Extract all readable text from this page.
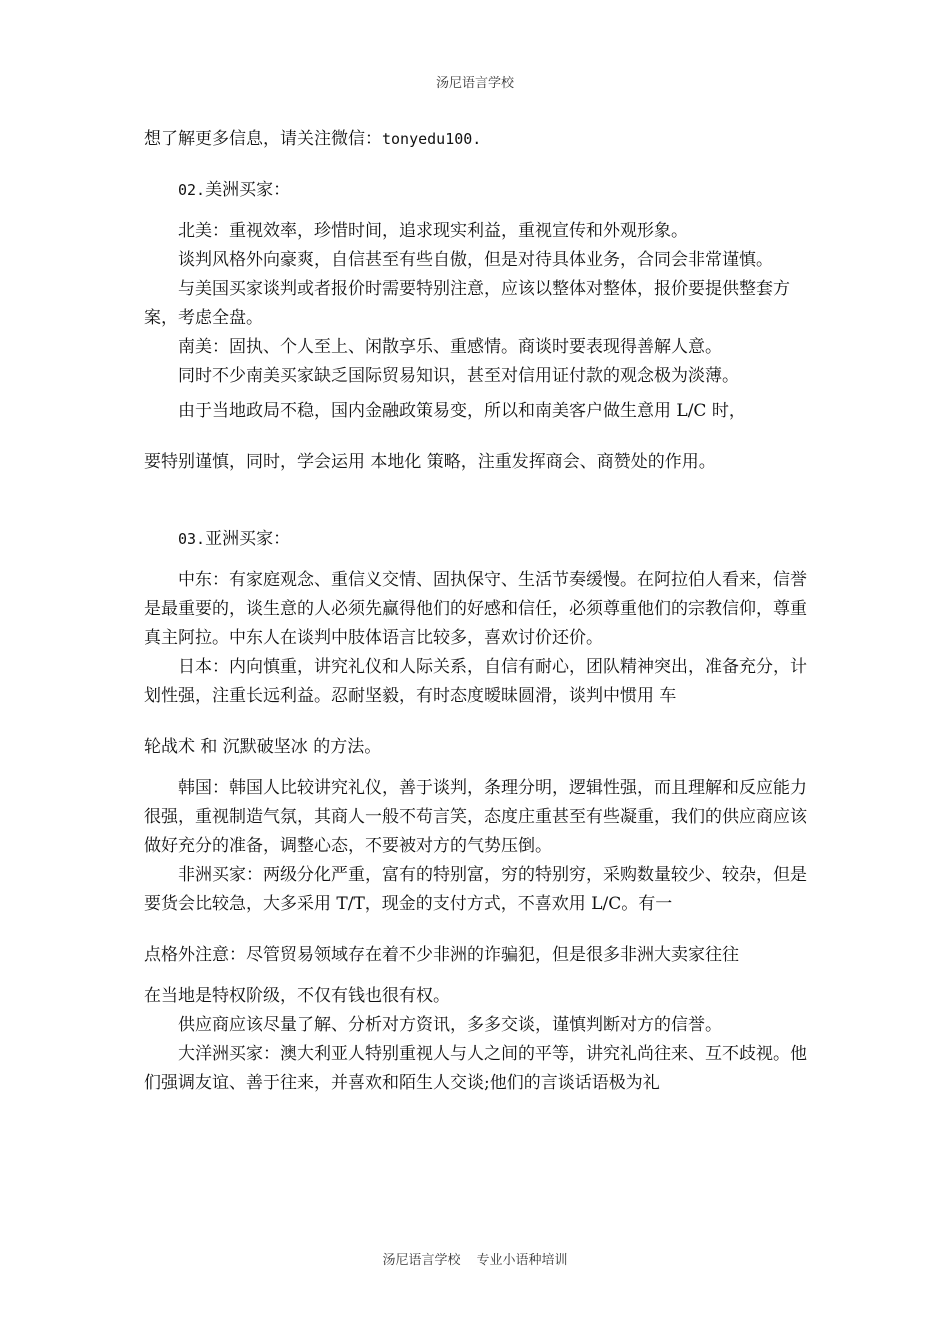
汤尼语言学校

想了解更多信息，请关注微信：tonyedu100.

02.美洲买家：

北美：重视效率，珍惜时间，追求现实利益，重视宣传和外观形象。

谈判风格外向豪爽，自信甚至有些自傲，但是对待具体业务，合同会非常谨慎。

与美国买家谈判或者报价时需要特别注意，应该以整体对整体，报价要提供整套方案，考虑全盘。

南美：固执、个人至上、闲散享乐、重感情。商谈时要表现得善解人意。

同时不少南美买家缺乏国际贸易知识，甚至对信用证付款的观念极为淡薄。

由于当地政局不稳，国内金融政策易变，所以和南美客户做生意用 L/C 时，

要特别谨慎，同时，学会运用 本地化 策略，注重发挥商会、商赞处的作用。

03.亚洲买家：

中东：有家庭观念、重信义交情、固执保守、生活节奏缓慢。在阿拉伯人看来，信誉是最重要的，谈生意的人必须先赢得他们的好感和信任，必须尊重他们的宗教信仰，尊重真主阿拉。中东人在谈判中肢体语言比较多，喜欢讨价还价。

日本：内向慎重，讲究礼仪和人际关系，自信有耐心，团队精神突出，准备充分，计划性强，注重长远利益。忍耐坚毅，有时态度暧昧圆滑，谈判中惯用 车

轮战术 和 沉默破坚冰 的方法。

韩国：韩国人比较讲究礼仪，善于谈判，条理分明，逻辑性强，而且理解和反应能力很强，重视制造气氛，其商人一般不苟言笑，态度庄重甚至有些凝重，我们的供应商应该做好充分的准备，调整心态，不要被对方的气势压倒。

非洲买家：两级分化严重，富有的特别富，穷的特别穷，采购数量较少、较杂，但是要货会比较急，大多采用 T/T，现金的支付方式，不喜欢用 L/C。有一

点格外注意：尽管贸易领域存在着不少非洲的诈骗犯，但是很多非洲大卖家往往

在当地是特权阶级，不仅有钱也很有权。

供应商应该尽量了解、分析对方资讯，多多交谈，谨慎判断对方的信誉。

大洋洲买家：澳大利亚人特别重视人与人之间的平等，讲究礼尚往来、互不歧视。他们强调友谊、善于往来，并喜欢和陌生人交谈;他们的言谈话语极为礼

汤尼语言学校 专业小语种培训
